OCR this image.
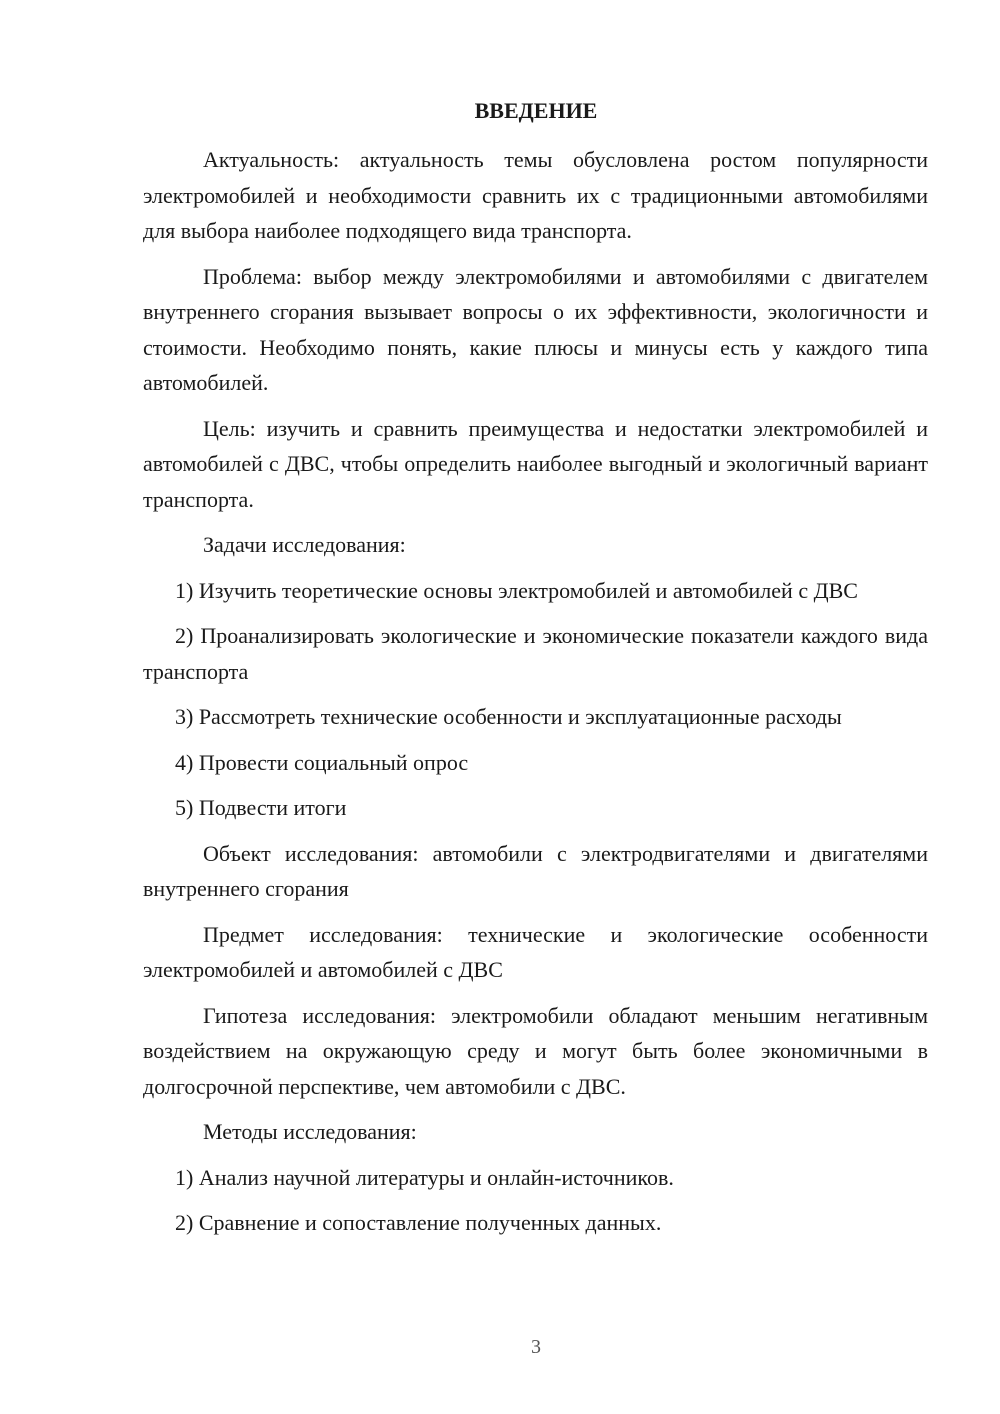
ВВЕДЕНИЕ

Актуальность: актуальность темы обусловлена ростом популярности электромобилей и необходимости сравнить их с традиционными автомобилями для выбора наиболее подходящего вида транспорта.

Проблема: выбор между электромобилями и автомобилями с двигателем внутреннего сгорания вызывает вопросы о их эффективности, экологичности и стоимости. Необходимо понять, какие плюсы и минусы есть у каждого типа автомобилей.

Цель: изучить и сравнить преимущества и недостатки электромобилей и автомобилей с ДВС, чтобы определить наиболее выгодный и экологичный вариант транспорта.

Задачи исследования:

1) Изучить теоретические основы электромобилей и автомобилей с ДВС

2) Проанализировать экологические и экономические показатели каждого вида транспорта

3) Рассмотреть технические особенности и эксплуатационные расходы

4) Провести социальный опрос

5) Подвести итоги

Объект исследования: автомобили с электродвигателями и двигателями внутреннего сгорания

Предмет исследования: технические и экологические особенности электромобилей и автомобилей с ДВС

Гипотеза исследования: электромобили обладают меньшим негативным воздействием на окружающую среду и могут быть более экономичными в долгосрочной перспективе, чем автомобили с ДВС.

Методы исследования:

1) Анализ научной литературы и онлайн-источников.

2) Сравнение и сопоставление полученных данных.

3
